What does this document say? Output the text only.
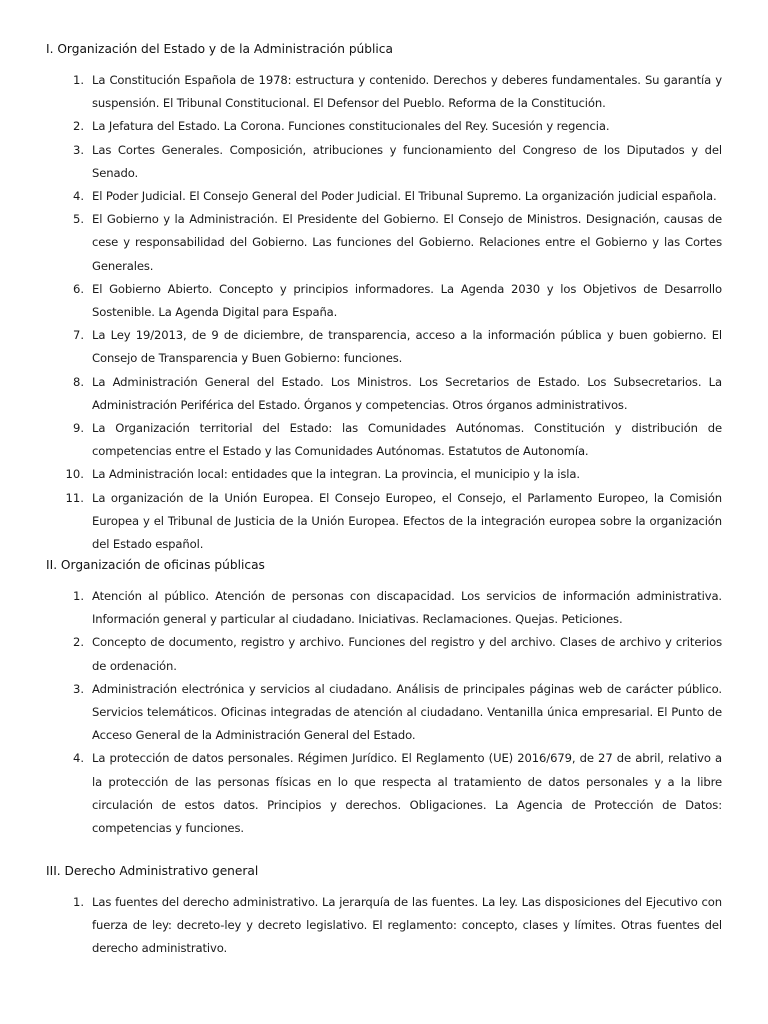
I. Organización del Estado y de la Administración pública
1. La Constitución Española de 1978: estructura y contenido. Derechos y deberes fundamentales. Su garantía y suspensión. El Tribunal Constitucional. El Defensor del Pueblo. Reforma de la Constitución.
2. La Jefatura del Estado. La Corona. Funciones constitucionales del Rey. Sucesión y regencia.
3. Las Cortes Generales. Composición, atribuciones y funcionamiento del Congreso de los Diputados y del Senado.
4. El Poder Judicial. El Consejo General del Poder Judicial. El Tribunal Supremo. La organización judicial española.
5. El Gobierno y la Administración. El Presidente del Gobierno. El Consejo de Ministros. Designación, causas de cese y responsabilidad del Gobierno. Las funciones del Gobierno. Relaciones entre el Gobierno y las Cortes Generales.
6. El Gobierno Abierto. Concepto y principios informadores. La Agenda 2030 y los Objetivos de Desarrollo Sostenible. La Agenda Digital para España.
7. La Ley 19/2013, de 9 de diciembre, de transparencia, acceso a la información pública y buen gobierno. El Consejo de Transparencia y Buen Gobierno: funciones.
8. La Administración General del Estado. Los Ministros. Los Secretarios de Estado. Los Subsecretarios. La Administración Periférica del Estado. Órganos y competencias. Otros órganos administrativos.
9. La Organización territorial del Estado: las Comunidades Autónomas. Constitución y distribución de competencias entre el Estado y las Comunidades Autónomas. Estatutos de Autonomía.
10. La Administración local: entidades que la integran. La provincia, el municipio y la isla.
11. La organización de la Unión Europea. El Consejo Europeo, el Consejo, el Parlamento Europeo, la Comisión Europea y el Tribunal de Justicia de la Unión Europea. Efectos de la integración europea sobre la organización del Estado español.
II. Organización de oficinas públicas
1. Atención al público. Atención de personas con discapacidad. Los servicios de información administrativa. Información general y particular al ciudadano. Iniciativas. Reclamaciones. Quejas. Peticiones.
2. Concepto de documento, registro y archivo. Funciones del registro y del archivo. Clases de archivo y criterios de ordenación.
3. Administración electrónica y servicios al ciudadano. Análisis de principales páginas web de carácter público. Servicios telemáticos. Oficinas integradas de atención al ciudadano. Ventanilla única empresarial. El Punto de Acceso General de la Administración General del Estado.
4. La protección de datos personales. Régimen Jurídico. El Reglamento (UE) 2016/679, de 27 de abril, relativo a la protección de las personas físicas en lo que respecta al tratamiento de datos personales y a la libre circulación de estos datos. Principios y derechos. Obligaciones. La Agencia de Protección de Datos: competencias y funciones.
III. Derecho Administrativo general
1. Las fuentes del derecho administrativo. La jerarquía de las fuentes. La ley. Las disposiciones del Ejecutivo con fuerza de ley: decreto-ley y decreto legislativo. El reglamento: concepto, clases y límites. Otras fuentes del derecho administrativo.
